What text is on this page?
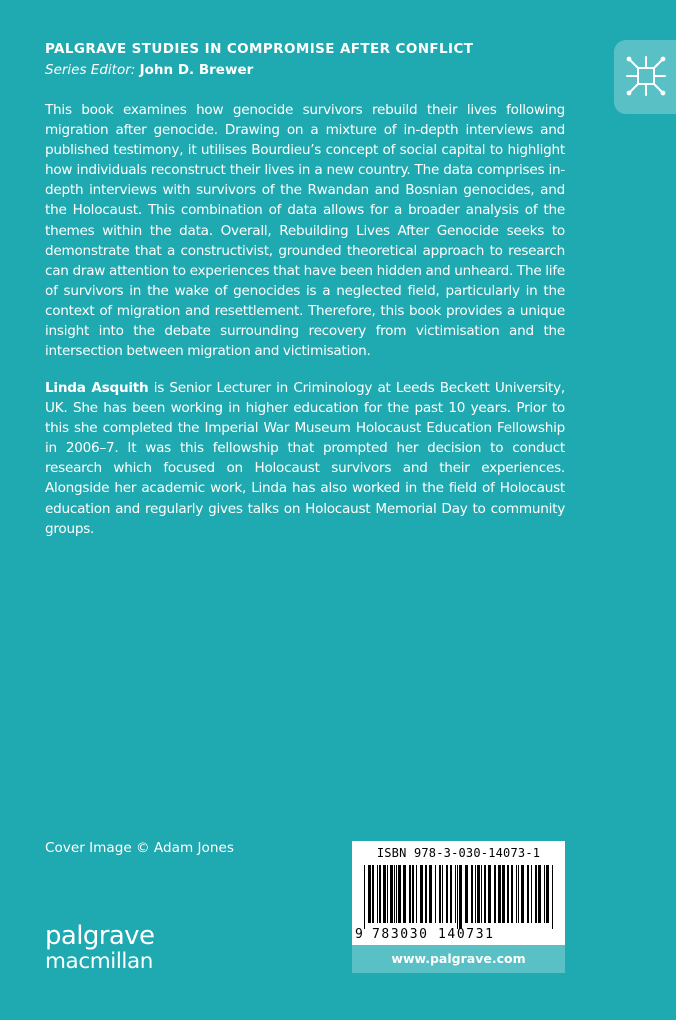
PALGRAVE STUDIES IN COMPROMISE AFTER CONFLICT
Series Editor: John D. Brewer

This book examines how genocide survivors rebuild their lives following migration after genocide. Drawing on a mixture of in-depth interviews and published testimony, it utilises Bourdieu’s concept of social capital to highlight how individuals reconstruct their lives in a new country. The data comprises in-depth interviews with survivors of the Rwandan and Bosnian genocides, and the Holocaust. This combination of data allows for a broader analysis of the themes within the data. Overall, Rebuilding Lives After Genocide seeks to demonstrate that a constructivist, grounded theoretical approach to research can draw attention to experiences that have been hidden and unheard. The life of survivors in the wake of genocides is a neglected field, particularly in the context of migration and resettlement. Therefore, this book provides a unique insight into the debate surrounding recovery from victimisation and the intersection between migration and victimisation.

Linda Asquith is Senior Lecturer in Criminology at Leeds Beckett University, UK. She has been working in higher education for the past 10 years. Prior to this she completed the Imperial War Museum Holocaust Education Fellowship in 2006–7. It was this fellowship that prompted her decision to conduct research which focused on Holocaust survivors and their experiences. Alongside her academic work, Linda has also worked in the field of Holocaust education and regularly gives talks on Holocaust Memorial Day to community groups.

Cover Image © Adam Jones	ISBN 978-3-030-14073-1
9 783030 140731
www.palgrave.com
palgrave
macmillan
